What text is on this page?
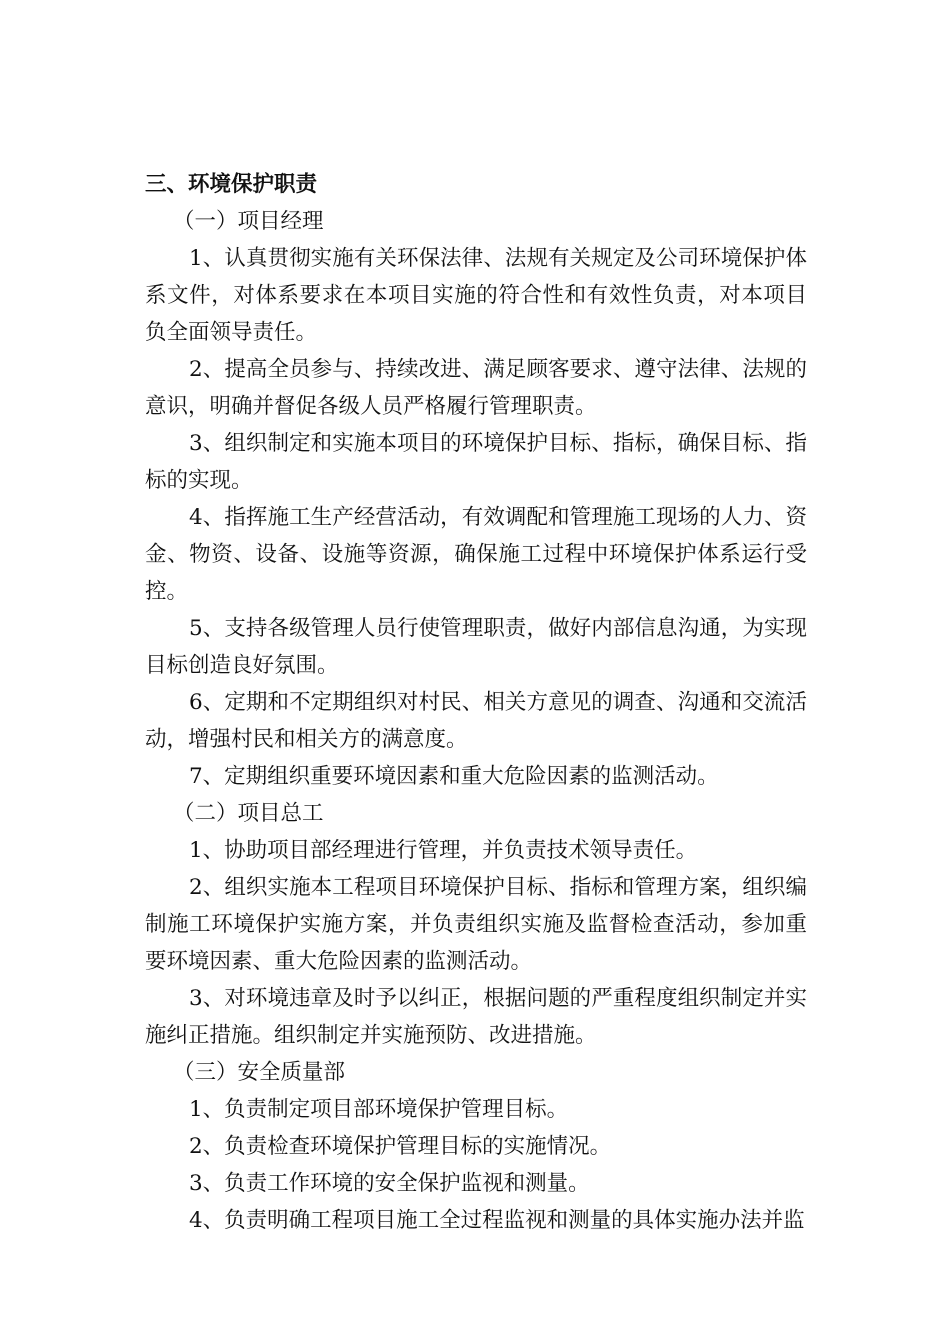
三、环境保护职责

（一）项目经理

1、认真贯彻实施有关环保法律、法规有关规定及公司环境保护体系文件，对体系要求在本项目实施的符合性和有效性负责，对本项目负全面领导责任。

2、提高全员参与、持续改进、满足顾客要求、遵守法律、法规的意识，明确并督促各级人员严格履行管理职责。

3、组织制定和实施本项目的环境保护目标、指标，确保目标、指标的实现。

4、指挥施工生产经营活动，有效调配和管理施工现场的人力、资金、物资、设备、设施等资源，确保施工过程中环境保护体系运行受控。

5、支持各级管理人员行使管理职责，做好内部信息沟通，为实现目标创造良好氛围。

6、定期和不定期组织对村民、相关方意见的调查、沟通和交流活动，增强村民和相关方的满意度。

7、定期组织重要环境因素和重大危险因素的监测活动。

（二）项目总工

1、协助项目部经理进行管理，并负责技术领导责任。

2、组织实施本工程项目环境保护目标、指标和管理方案，组织编制施工环境保护实施方案，并负责组织实施及监督检查活动，参加重要环境因素、重大危险因素的监测活动。

3、对环境违章及时予以纠正，根据问题的严重程度组织制定并实施纠正措施。组织制定并实施预防、改进措施。

（三）安全质量部

1、负责制定项目部环境保护管理目标。

2、负责检查环境保护管理目标的实施情况。

3、负责工作环境的安全保护监视和测量。

4、负责明确工程项目施工全过程监视和测量的具体实施办法并监
